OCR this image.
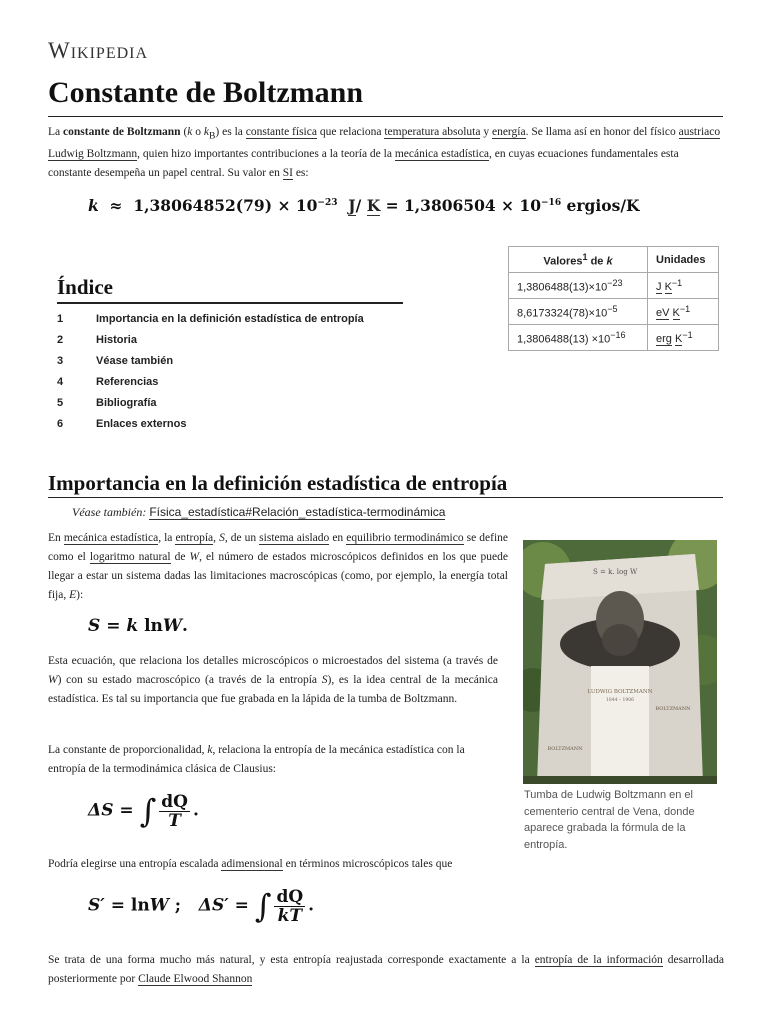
Wikipedia
Constante de Boltzmann
La constante de Boltzmann (k o $k_B$) es la constante física que relaciona temperatura absoluta y energía. Se llama así en honor del físico austriaco Ludwig Boltzmann, quien hizo importantes contribuciones a la teoría de la mecánica estadística, en cuyas ecuaciones fundamentales esta constante desempeña un papel central. Su valor en SI es:
$k \approx 1,38064852(79) \times 10^{-23}$ J/ $K = 1,3806504 \times 10^{-16}$ ergios/K
Valores$^1$ de k	Unidades
$1,3806488(13)\times 10^{-23}$	J $K^{-1}$
$8,6173324(78)\times 10^{-5}$	eV $K^{-1}$
$1,3806488(13) \times 10^{-16}$	erg $K^{-1}$
Índice
1	Importancia en la definición estadística de entropía
2	Historia
3	Véase también
4	Referencias
5	Bibliografía
6	Enlaces externos
Importancia en la definición estadística de entropía
Véase también: Física_estadística#Relación_estadística-termodinámica
En mecánica estadística, la entropía, S, de un sistema aislado en equilibrio termodinámico se define como el logaritmo natural de W, el número de estados microscópicos definidos en los que puede llegar a estar un sistema dadas las limitaciones macroscópicas (como, por ejemplo, la energía total fija, E):
S = k lnW.
Esta ecuación, que relaciona los detalles microscópicos o microestados del sistema (a través de W) con su estado macroscópico (a través de la entropía S), es la idea central de la mecánica estadística. Es tal su importancia que fue grabada en la lápida de la tumba de Boltzmann.
La constante de proporcionalidad, k, relaciona la entropía de la mecánica estadística con la entropía de la termodinámica clásica de Clausius:
ΔS = ∫ $\frac{dQ}{T}$ .
Podría elegirse una entropía escalada adimensional en términos microscópicos tales que
S′ = lnW ; ΔS′ = ∫ $\frac{dQ}{kT}$ .
Se trata de una forma mucho más natural, y esta entropía reajustada corresponde exactamente a la entropía de la información desarrollada posteriormente por Claude Elwood Shannon
S = k. log W
LUDWIG BOLTZMANN
1844 – 1906
BOLTZMANN
BOLTZMANN
Tumba de Ludwig Boltzmann en el cementerio central de Vena, donde aparece grabada la fórmula de la entropía.
